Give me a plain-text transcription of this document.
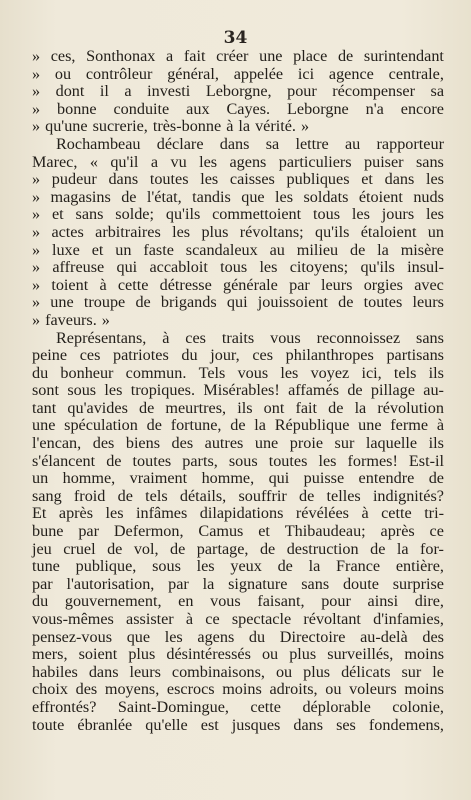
34
» ces, Sonthonax a fait créer une place de surintendant
» ou contrôleur général, appelée ici agence centrale,
» dont il a investi Leborgne, pour récompenser sa
» bonne conduite aux Cayes. Leborgne n'a encore
» qu'une sucrerie, très-bonne à la vérité. »
Rochambeau déclare dans sa lettre au rapporteur
Marec, « qu'il a vu les agens particuliers puiser sans
» pudeur dans toutes les caisses publiques et dans les
» magasins de l'état, tandis que les soldats étoient nuds
» et sans solde; qu'ils commettoient tous les jours les
» actes arbitraires les plus révoltans; qu'ils étaloient un
» luxe et un faste scandaleux au milieu de la misère
» affreuse qui accabloit tous les citoyens; qu'ils insul-
» toient à cette détresse générale par leurs orgies avec
» une troupe de brigands qui jouissoient de toutes leurs
» faveurs. »
Représentans, à ces traits vous reconnoissez sans
peine ces patriotes du jour, ces philanthropes partisans
du bonheur commun. Tels vous les voyez ici, tels ils
sont sous les tropiques. Misérables! affamés de pillage au-
tant qu'avides de meurtres, ils ont fait de la révolution
une spéculation de fortune, de la République une ferme à
l'encan, des biens des autres une proie sur laquelle ils
s'élancent de toutes parts, sous toutes les formes! Est-il
un homme, vraiment homme, qui puisse entendre de
sang froid de tels détails, souffrir de telles indignités?
Et après les infâmes dilapidations révélées à cette tri-
bune par Defermon, Camus et Thibaudeau; après ce
jeu cruel de vol, de partage, de destruction de la for-
tune publique, sous les yeux de la France entière,
par l'autorisation, par la signature sans doute surprise
du gouvernement, en vous faisant, pour ainsi dire,
vous-mêmes assister à ce spectacle révoltant d'infamies,
pensez-vous que les agens du Directoire au-delà des
mers, soient plus désintéressés ou plus surveillés, moins
habiles dans leurs combinaisons, ou plus délicats sur le
choix des moyens, escrocs moins adroits, ou voleurs moins
effrontés? Saint-Domingue, cette déplorable colonie,
toute ébranlée qu'elle est jusques dans ses fondemens,
